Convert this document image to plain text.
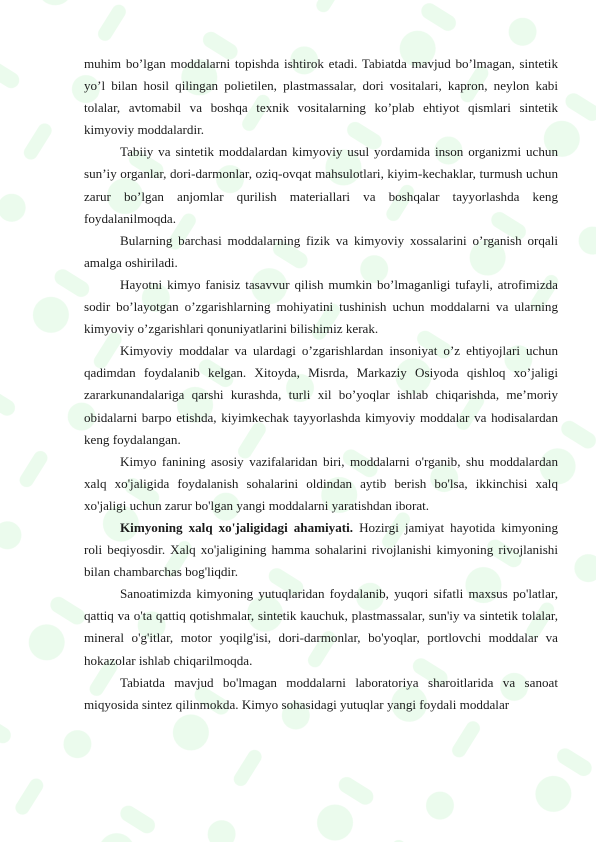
muhim bo’lgan moddalarni topishda ishtirok etadi. Tabiatda mavjud bo’lmagan, sintetik yo’l bilan hosil qilingan polietilen, plastmassalar, dori vositalari, kapron, neylon kabi tolalar, avtomabil va boshqa texnik vositalarning ko’plab ehtiyot qismlari sintetik kimyoviy moddalardir.

Tabiiy va sintetik moddalardan kimyoviy usul yordamida inson organizmi uchun sun’iy organlar, dori-darmonlar, oziq-ovqat mahsulotlari, kiyim-kechaklar, turmush uchun zarur bo’lgan anjomlar qurilish materiallari va boshqalar tayyorlashda keng foydalanilmoqda.

Bularning barchasi moddalarning fizik va kimyoviy xossalarini o’rganish orqali amalga oshiriladi.

Hayotni kimyo fanisiz tasavvur qilish mumkin bo’lmaganligi tufayli, atrofimizda sodir bo’layotgan o’zgarishlarning mohiyatini tushinish uchun moddalarni va ularning kimyoviy o’zgarishlari qonuniyatlarini bilishimiz kerak.

Kimyoviy moddalar va ulardagi o’zgarishlardan insoniyat o’z ehtiyojlari uchun qadimdan foydalanib kelgan. Xitoyda, Misrda, Markaziy Osiyoda qishloq xo’jaligi zararkunandalariga qarshi kurashda, turli xil bo’yoqlar ishlab chiqarishda, me’moriy obidalarni barpo etishda, kiyimkechak tayyorlashda kimyoviy moddalar va hodisalardan keng foydalangan.

Kimyo fanining asosiy vazifalaridan biri, moddalarni o'rganib, shu moddalardan xalq xo'jaligida foydalanish sohalarini oldindan aytib berish bo'lsa, ikkinchisi xalq xo'jaligi uchun zarur bo'lgan yangi moddalarni yaratishdan iborat.

Kimyoning xalq xo'jaligidagi ahamiyati. Hozirgi jamiyat hayotida kimyoning roli beqiyosdir. Xalq xo'jaligining hamma sohalarini rivojlanishi kimyoning rivojlanishi bilan chambarchas bog'liqdir.

Sanoatimizda kimyoning yutuqlaridan foydalanib, yuqori sifatli maxsus po'latlar, qattiq va o'ta qattiq qotishmalar, sintetik kauchuk, plastmassalar, sun'iy va sintetik tolalar, mineral o'g'itlar, motor yoqilg'isi, dori-darmonlar, bo'yoqlar, portlovchi moddalar va hokazolar ishlab chiqarilmoqda.

Tabiatda mavjud bo'lmagan moddalarni laboratoriya sharoitlarida va sanoat miqyosida sintez qilinmokda. Kimyo sohasidagi yutuqlar yangi foydali moddalar
